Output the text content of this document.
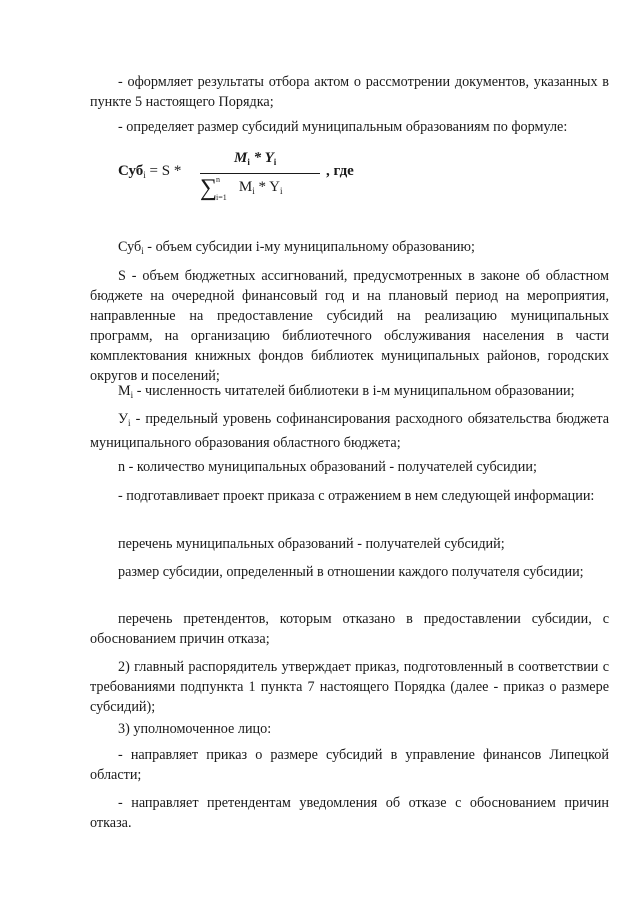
- оформляет результаты отбора актом о рассмотрении документов, указанных в пункте 5 настоящего Порядка;

- определяет размер субсидий муниципальным образованиям по формуле:

Суб$_i$ = S *
$M_i * Y_i$
∑
n
i=1
$M_i * Y_i$
, где

Суб$_i$ - объем субсидии i-му муниципальному образованию;

S - объем бюджетных ассигнований, предусмотренных в законе об областном бюджете на очередной финансовый год и на плановый период на мероприятия, направленные на предоставление субсидий на реализацию муниципальных программ, на организацию библиотечного обслуживания населения в части комплектования книжных фондов библиотек муниципальных районов, городских округов и поселений;

$М_i$ - численность читателей библиотеки в i-м муниципальном образовании;

$У_i$ - предельный уровень софинансирования расходного обязательства бюджета муниципального образования областного бюджета;

n - количество муниципальных образований - получателей субсидии;

- подготавливает проект приказа с отражением в нем следующей информации:

перечень муниципальных образований - получателей субсидий;

размер субсидии, определенный в отношении каждого получателя субсидии;

перечень претендентов, которым отказано в предоставлении субсидии, с обоснованием причин отказа;

2) главный распорядитель утверждает приказ, подготовленный в соответствии с требованиями подпункта 1 пункта 7 настоящего Порядка (далее - приказ о размере субсидий);

3) уполномоченное лицо:

- направляет приказ о размере субсидий в управление финансов Липецкой области;

- направляет претендентам уведомления об отказе с обоснованием причин отказа.
